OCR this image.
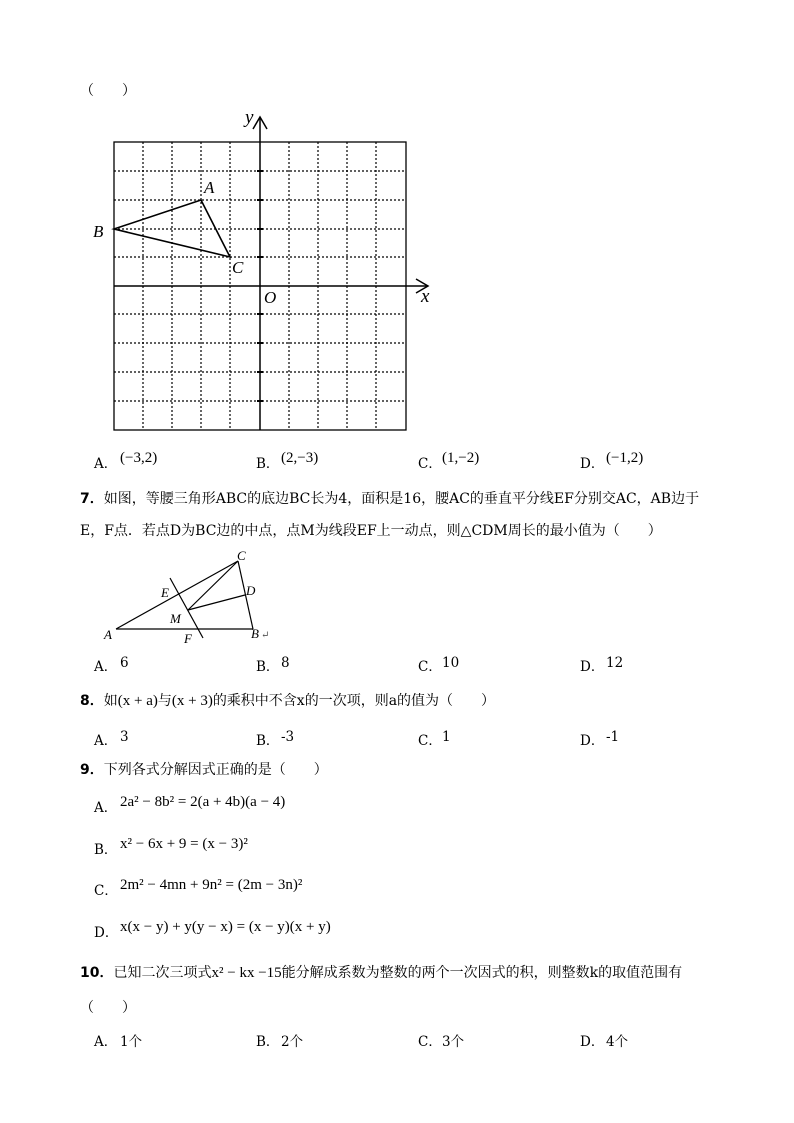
（　　）
y
x
O
A
B
C
A． (−3,2)	B． (2,−3)	C． (1,−2)	D． (−1,2)
7．如图，等腰三角形ABC的底边BC长为4，面积是16，腰AC的垂直平分线EF分别交AC，AB边于
E，F点．若点D为BC边的中点，点M为线段EF上一动点，则△CDM周长的最小值为（　　）
C
D
E
M
A	F	B ↵
A． 6	B． 8	C． 10	D． 12
8．如(x + a)与(x + 3)的乘积中不含x的一次项，则a的值为（　　）
A． 3	B． -3	C． 1	D． -1
9．下列各式分解因式正确的是（　　）
A． 2a² − 8b² = 2(a + 4b)(a − 4)
B． x² − 6x + 9 = (x − 3)²
C． 2m² − 4mn + 9n² = (2m − 3n)²
D． x(x − y) + y(y − x) = (x − y)(x + y)
10．已知二次三项式x² − kx −15能分解成系数为整数的两个一次因式的积，则整数k的取值范围有
（　　）
A． 1个	B． 2个	C． 3个	D． 4个
